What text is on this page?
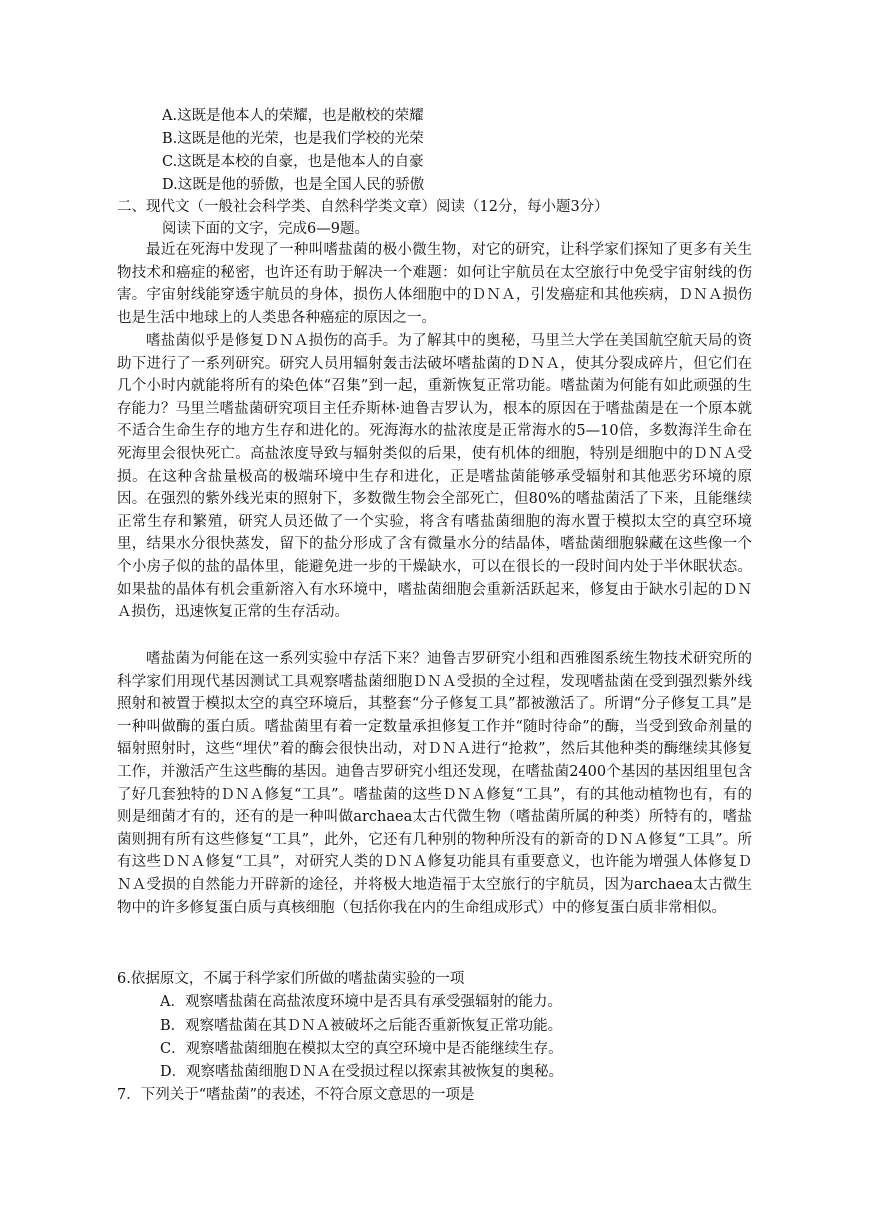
A.这既是他本人的荣耀，也是敝校的荣耀
B.这既是他的光荣，也是我们学校的光荣
C.这既是本校的自豪，也是他本人的自豪
D.这既是他的骄傲，也是全国人民的骄傲
二、现代文（一般社会科学类、自然科学类文章）阅读（12分，每小题3分）
阅读下面的文字，完成6—9题。

最近在死海中发现了一种叫嗜盐菌的极小微生物，对它的研究，让科学家们探知了更多有关生物技术和癌症的秘密，也许还有助于解决一个难题：如何让宇航员在太空旅行中免受宇宙射线的伤害。宇宙射线能穿透宇航员的身体，损伤人体细胞中的ＤＮＡ，引发癌症和其他疾病，ＤＮＡ损伤也是生活中地球上的人类患各种癌症的原因之一。

嗜盐菌似乎是修复ＤＮＡ损伤的高手。为了解其中的奥秘，马里兰大学在美国航空航天局的资助下进行了一系列研究。研究人员用辐射轰击法破坏嗜盐菌的ＤＮＡ，使其分裂成碎片，但它们在几个小时内就能将所有的染色体“召集”到一起，重新恢复正常功能。嗜盐菌为何能有如此顽强的生存能力？马里兰嗜盐菌研究项目主任乔斯林·迪鲁吉罗认为，根本的原因在于嗜盐菌是在一个原本就不适合生命生存的地方生存和进化的。死海海水的盐浓度是正常海水的5—10倍，多数海洋生命在死海里会很快死亡。高盐浓度导致与辐射类似的后果，使有机体的细胞，特别是细胞中的ＤＮＡ受损。在这种含盐量极高的极端环境中生存和进化，正是嗜盐菌能够承受辐射和其他恶劣环境的原因。在强烈的紫外线光束的照射下，多数微生物会全部死亡，但80%的嗜盐菌活了下来，且能继续正常生存和繁殖，研究人员还做了一个实验，将含有嗜盐菌细胞的海水置于模拟太空的真空环境里，结果水分很快蒸发，留下的盐分形成了含有微量水分的结晶体，嗜盐菌细胞躲藏在这些像一个个小房子似的盐的晶体里，能避免进一步的干燥缺水，可以在很长的一段时间内处于半休眠状态。如果盐的晶体有机会重新溶入有水环境中，嗜盐菌细胞会重新活跃起来，修复由于缺水引起的ＤＮＡ损伤，迅速恢复正常的生存活动。

嗜盐菌为何能在这一系列实验中存活下来？迪鲁吉罗研究小组和西雅图系统生物技术研究所的科学家们用现代基因测试工具观察嗜盐菌细胞ＤＮＡ受损的全过程，发现嗜盐菌在受到强烈紫外线照射和被置于模拟太空的真空环境后，其整套“分子修复工具”都被激活了。所谓“分子修复工具”是一种叫做酶的蛋白质。嗜盐菌里有着一定数量承担修复工作并“随时待命”的酶，当受到致命剂量的辐射照射时，这些“埋伏”着的酶会很快出动，对ＤＮＡ进行“抢救”，然后其他种类的酶继续其修复工作，并激活产生这些酶的基因。迪鲁吉罗研究小组还发现，在嗜盐菌2400个基因的基因组里包含了好几套独特的ＤＮＡ修复“工具”。嗜盐菌的这些ＤＮＡ修复“工具”，有的其他动植物也有，有的则是细菌才有的，还有的是一种叫做archaea太古代微生物（嗜盐菌所属的种类）所特有的，嗜盐菌则拥有所有这些修复“工具”，此外，它还有几种别的物种所没有的新奇的ＤＮＡ修复“工具”。所有这些ＤＮＡ修复“工具”，对研究人类的ＤＮＡ修复功能具有重要意义，也许能为增强人体修复ＤＮＡ受损的自然能力开辟新的途径，并将极大地造福于太空旅行的宇航员，因为archaea太古微生物中的许多修复蛋白质与真核细胞（包括你我在内的生命组成形式）中的修复蛋白质非常相似。

6.依据原文，不属于科学家们所做的嗜盐菌实验的一项
A．观察嗜盐菌在高盐浓度环境中是否具有承受强辐射的能力。
B．观察嗜盐菌在其ＤＮＡ被破坏之后能否重新恢复正常功能。
C．观察嗜盐菌细胞在模拟太空的真空环境中是否能继续生存。
D．观察嗜盐菌细胞ＤＮＡ在受损过程以探索其被恢复的奥秘。
7．下列关于“嗜盐菌”的表述，不符合原文意思的一项是
